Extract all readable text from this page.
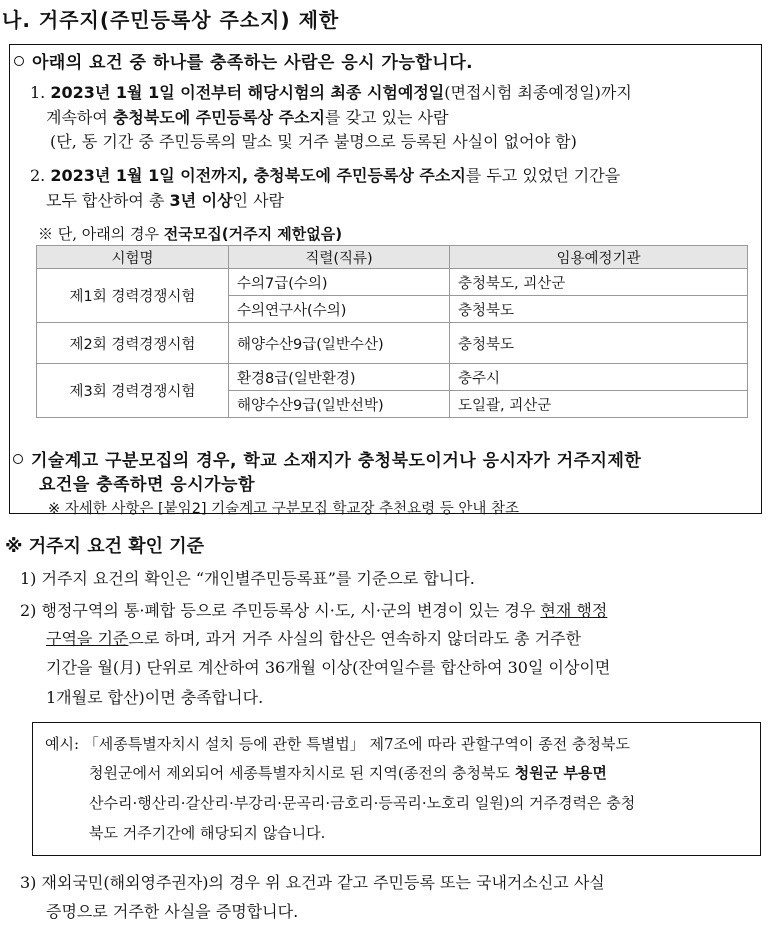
나. 거주지(주민등록상 주소지) 제한
아래의 요건 중 하나를 충족하는 사람은 응시 가능합니다.
1. 2023년 1월 1일 이전부터 해당시험의 최종 시험예정일(면접시험 최종예정일)까지
계속하여 충청북도에 주민등록상 주소지를 갖고 있는 사람
(단, 동 기간 중 주민등록의 말소 및 거주 불명으로 등록된 사실이 없어야 함)
2. 2023년 1월 1일 이전까지, 충청북도에 주민등록상 주소지를 두고 있었던 기간을
모두 합산하여 총 3년 이상인 사람
※ 단, 아래의 경우 전국모집(거주지 제한없음)
시험명	직렬(직류)	임용예정기관
제1회 경력경쟁시험	수의7급(수의)	충청북도, 괴산군
	수의연구사(수의)	충청북도
제2회 경력경쟁시험	해양수산9급(일반수산)	충청북도
제3회 경력경쟁시험	환경8급(일반환경)	충주시
	해양수산9급(일반선박)	도일괄, 괴산군
기술계고 구분모집의 경우, 학교 소재지가 충청북도이거나 응시자가 거주지제한
요건을 충족하면 응시가능함
※ 자세한 사항은 [붙임2] 기술계고 구분모집 학교장 추천요령 등 안내 참조
※ 거주지 요건 확인 기준
1) 거주지 요건의 확인은 “개인별주민등록표”를 기준으로 합니다.
2) 행정구역의 통·폐합 등으로 주민등록상 시·도, 시·군의 변경이 있는 경우 현재 행정
구역을 기준으로 하며, 과거 거주 사실의 합산은 연속하지 않더라도 총 거주한
기간을 월(月) 단위로 계산하여 36개월 이상(잔여일수를 합산하여 30일 이상이면
1개월로 합산)이면 충족합니다.
예시: 「세종특별자치시 설치 등에 관한 특별법」 제7조에 따라 관할구역이 종전 충청북도
청원군에서 제외되어 세종특별자치시로 된 지역(종전의 충청북도 청원군 부용면
산수리·행산리·갈산리·부강리·문곡리·금호리·등곡리·노호리 일원)의 거주경력은 충청
북도 거주기간에 해당되지 않습니다.
3) 재외국민(해외영주권자)의 경우 위 요건과 같고 주민등록 또는 국내거소신고 사실
증명으로 거주한 사실을 증명합니다.
